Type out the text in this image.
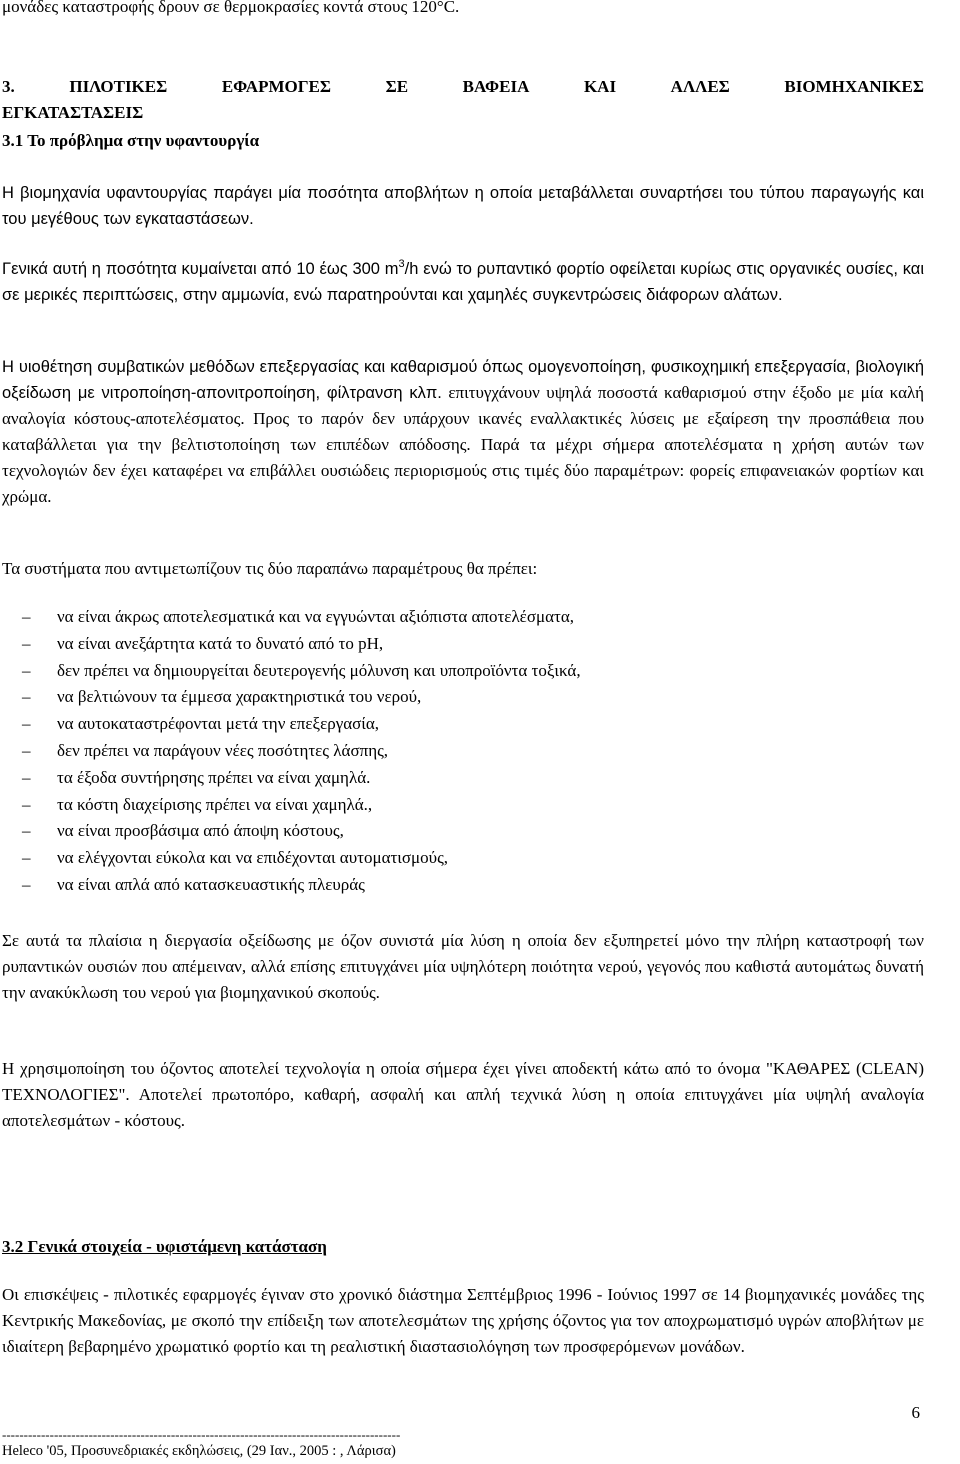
μονάδες καταστροφής δρουν σε θερμοκρασίες κοντά στους 120°C.

3.	ΠΙΛΟΤΙΚΕΣ	ΕΦΑΡΜΟΓΕΣ	ΣΕ	ΒΑΦΕΙΑ	ΚΑΙ	ΑΛΛΕΣ	ΒΙΟΜΗΧΑΝΙΚΕΣ
ΕΓΚΑΤΑΣΤΑΣΕΙΣ

3.1 Το πρόβλημα στην υφαντουργία

Η βιομηχανία υφαντουργίας παράγει μία ποσότητα αποβλήτων η οποία μεταβάλλεται συναρτήσει του τύπου παραγωγής και του μεγέθους των εγκαταστάσεων.

Γενικά αυτή η ποσότητα κυμαίνεται από 10 έως 300 $m^3/h$ ενώ το ρυπαντικό φορτίο οφείλεται κυρίως στις οργανικές ουσίες, και σε μερικές περιπτώσεις, στην αμμωνία, ενώ παρατηρούνται και χαμηλές συγκεντρώσεις διάφορων αλάτων.

Η υιοθέτηση συμβατικών μεθόδων επεξεργασίας και καθαρισμού όπως ομογενοποίηση, φυσικοχημική επεξεργασία, βιολογική οξείδωση με νιτροποίηση-απονιτροποίηση, φίλτρανση κλπ. επιτυγχάνουν υψηλά ποσοστά καθαρισμού στην έξοδο με μία καλή αναλογία κόστους-αποτελέσματος. Προς το παρόν δεν υπάρχουν ικανές εναλλακτικές λύσεις με εξαίρεση την προσπάθεια που καταβάλλεται για την βελτιστοποίηση των επιπέδων απόδοσης. Παρά τα μέχρι σήμερα αποτελέσματα η χρήση αυτών των τεχνολογιών δεν έχει καταφέρει να επιβάλλει ουσιώδεις περιορισμούς στις τιμές δύο παραμέτρων: φορείς επιφανειακών φορτίων και χρώμα.

Τα συστήματα που αντιμετωπίζουν τις δύο παραπάνω παραμέτρους θα πρέπει:

– να είναι άκρως αποτελεσματικά και να εγγυώνται αξιόπιστα αποτελέσματα,
– να είναι ανεξάρτητα κατά το δυνατό από το pH,
– δεν πρέπει να δημιουργείται δευτερογενής μόλυνση και υποπροϊόντα τοξικά,
– να βελτιώνουν τα έμμεσα χαρακτηριστικά του νερού,
– να αυτοκαταστρέφονται μετά την επεξεργασία,
– δεν πρέπει να παράγουν νέες ποσότητες λάσπης,
– τα έξοδα συντήρησης πρέπει να είναι χαμηλά.
– τα κόστη διαχείρισης πρέπει να είναι χαμηλά.,
– να είναι προσβάσιμα από άποψη κόστους,
– να ελέγχονται εύκολα και να επιδέχονται αυτοματισμούς,
– να είναι απλά από κατασκευαστικής πλευράς

Σε αυτά τα πλαίσια η διεργασία οξείδωσης με όζον συνιστά μία λύση η οποία δεν εξυπηρετεί μόνο την πλήρη καταστροφή των ρυπαντικών ουσιών που απέμειναν, αλλά επίσης επιτυγχάνει μία υψηλότερη ποιότητα νερού, γεγονός που καθιστά αυτομάτως δυνατή την ανακύκλωση του νερού για βιομηχανικού σκοπούς.

Η χρησιμοποίηση του όζοντος αποτελεί τεχνολογία η οποία σήμερα έχει γίνει αποδεκτή κάτω από το όνομα "ΚΑΘΑΡΕΣ (CLEAN) ΤΕΧΝΟΛΟΓΙΕΣ". Αποτελεί πρωτοπόρο, καθαρή, ασφαλή και απλή τεχνικά λύση η οποία επιτυγχάνει μία υψηλή αναλογία αποτελεσμάτων - κόστους.

3.2 Γενικά στοιχεία - υφιστάμενη κατάσταση

Οι επισκέψεις - πιλοτικές εφαρμογές έγιναν στο χρονικό διάστημα Σεπτέμβριος 1996 - Ιούνιος 1997 σε 14 βιομηχανικές μονάδες της Κεντρικής Μακεδονίας, με σκοπό την επίδειξη των αποτελεσμάτων της χρήσης όζοντος για τον αποχρωματισμό υγρών αποβλήτων με ιδιαίτερη βεβαρημένο χρωματικό φορτίο και τη ρεαλιστική διαστασιολόγηση των προσφερόμενων μονάδων.

6
--------------------------------------------------------------------------------------------
Heleco '05, Προσυνεδριακές εκδηλώσεις, (29 Ιαν., 2005 : , Λάρισα)
